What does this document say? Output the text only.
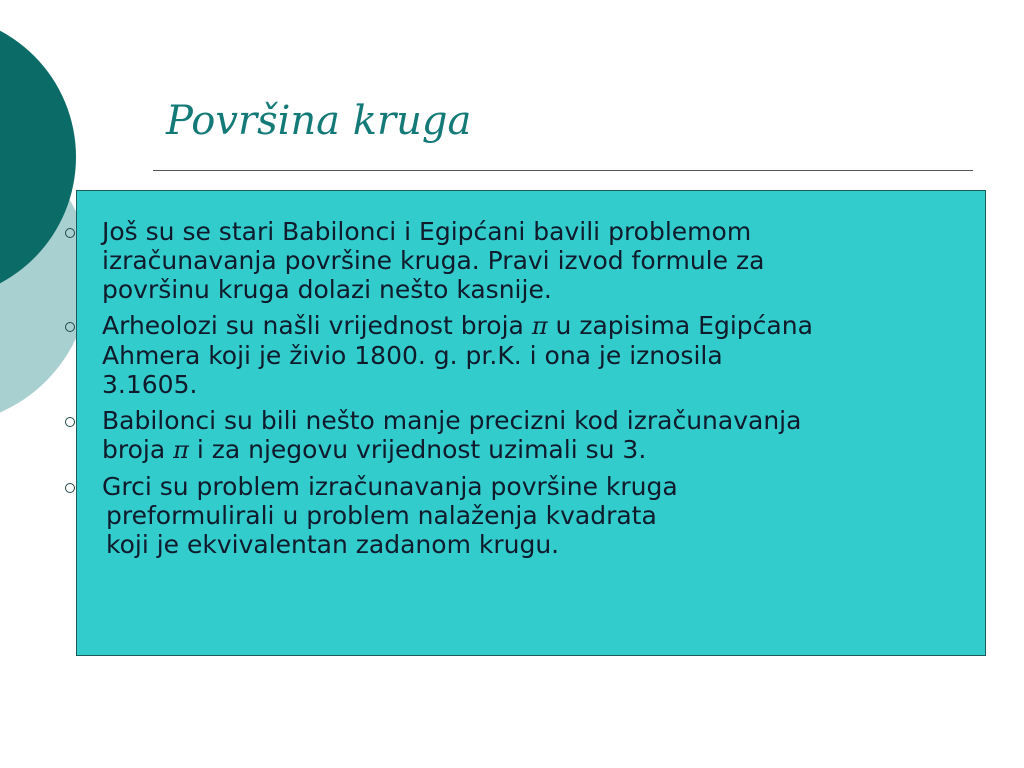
Površina kruga
Još su se stari Babilonci i Egipćani bavili problemom
izračunavanja površine kruga. Pravi izvod formule za
površinu kruga dolazi nešto kasnije.
Arheolozi su našli vrijednost broja π u zapisima Egipćana
Ahmera koji je živio 1800. g. pr.K. i ona je iznosila
3.1605.
Babilonci su bili nešto manje precizni kod izračunavanja
broja π i za njegovu vrijednost uzimali su 3.
Grci su problem izračunavanja površine kruga
preformulirali u problem nalaženja kvadrata
koji je ekvivalentan zadanom krugu.
